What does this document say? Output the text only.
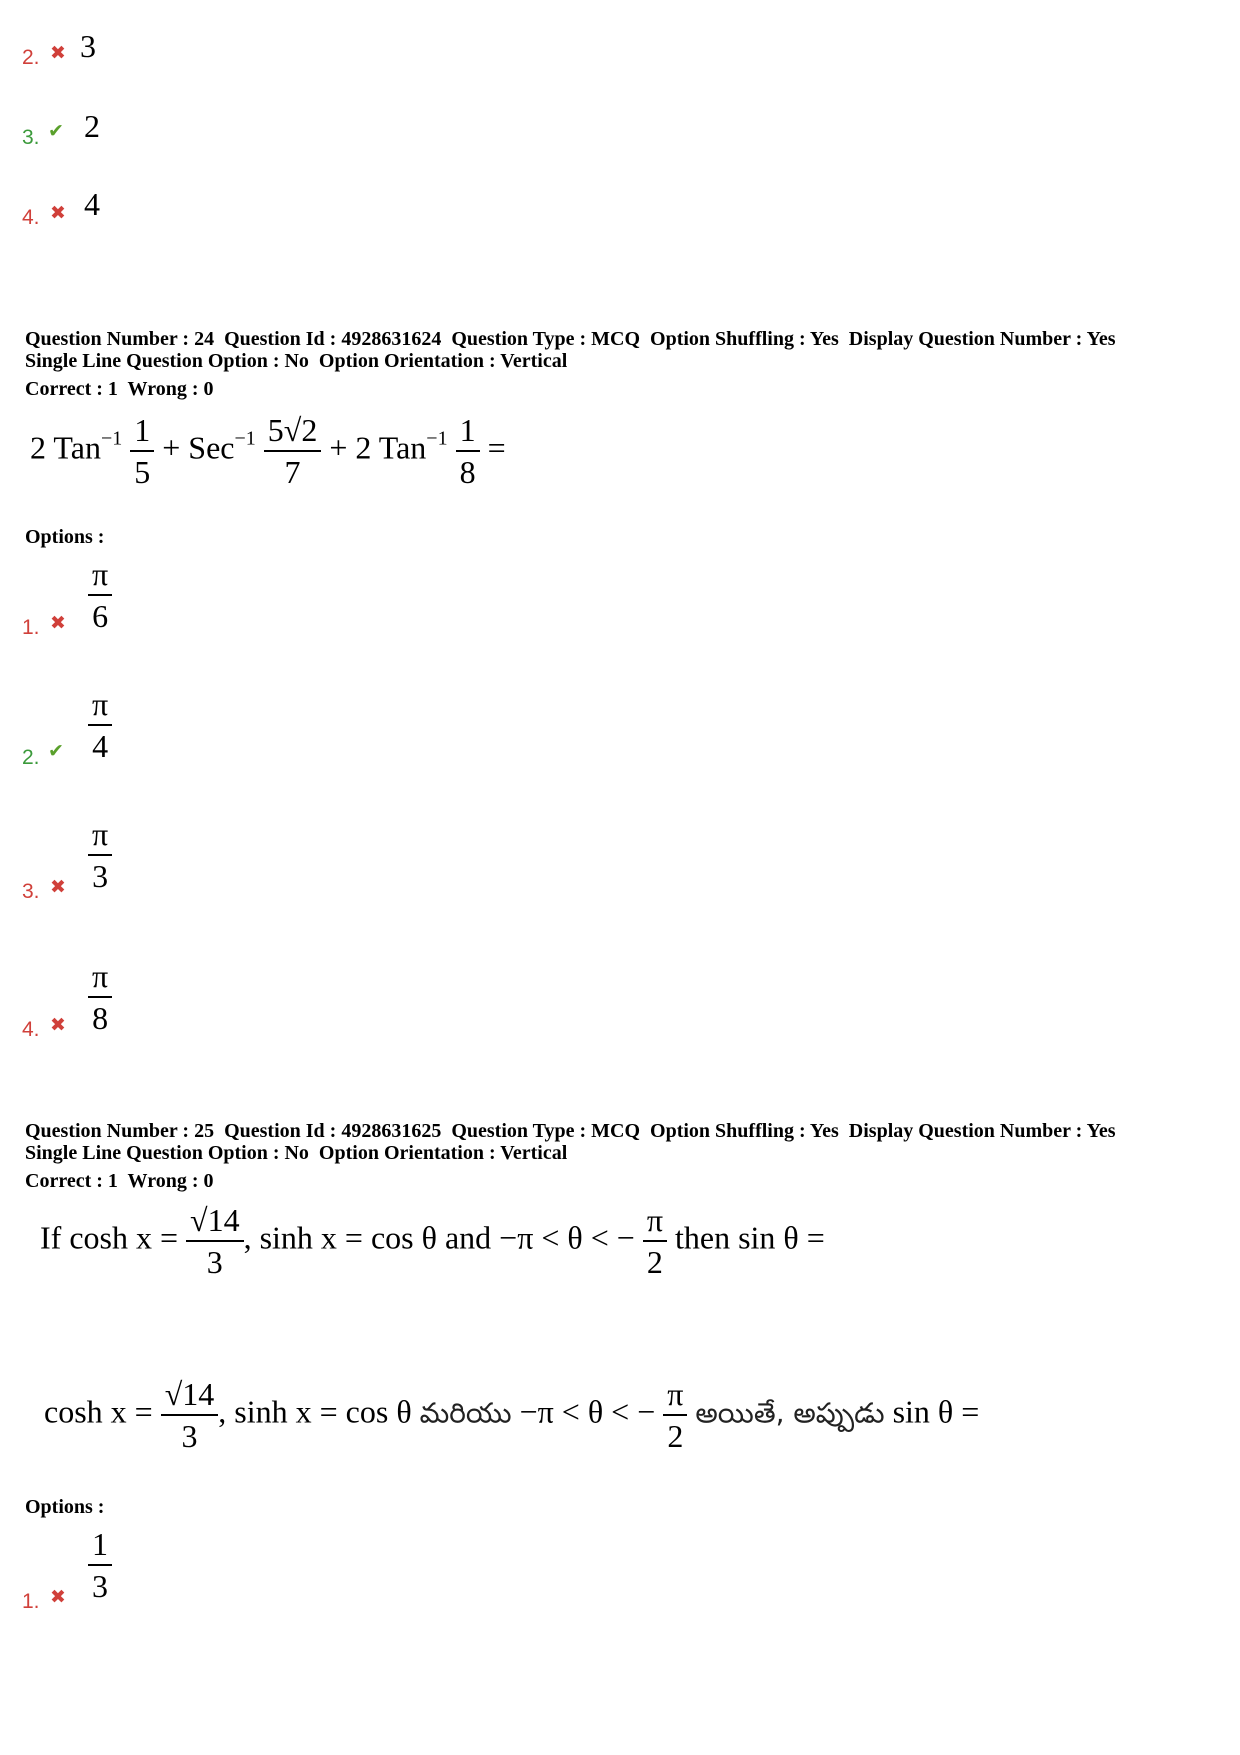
2. ✖ 3
3. ✔ 2
4. ✖ 4
Question Number : 24  Question Id : 4928631624  Question Type : MCQ  Option Shuffling : Yes  Display Question Number : Yes
Single Line Question Option : No  Option Orientation : Vertical
Correct : 1  Wrong : 0
2 $Tan^{-1} \frac{1}{5} + Sec^{-1} \frac{5√2}{7} + 2$ $Tan^{-1} \frac{1}{8}$ =
Options :
1. ✖
π
6
2. ✔
π
4
3. ✖
π
3
4. ✖
π
8
Question Number : 25  Question Id : 4928631625  Question Type : MCQ  Option Shuffling : Yes  Display Question Number : Yes
Single Line Question Option : No  Option Orientation : Vertical
Correct : 1  Wrong : 0
If $\cosh x = \frac{√14}{3}$ , sinh x = cos θ and −π < θ < − $\frac{\pi}{2}$ then sin θ =
$\cosh x = \frac{√14}{3}$ , sinh x = cos θ మరియు −π < θ < − $\frac{\pi}{2}$ అయితే, అప్పుడు sin θ =
Options :
1. ✖
1
3
